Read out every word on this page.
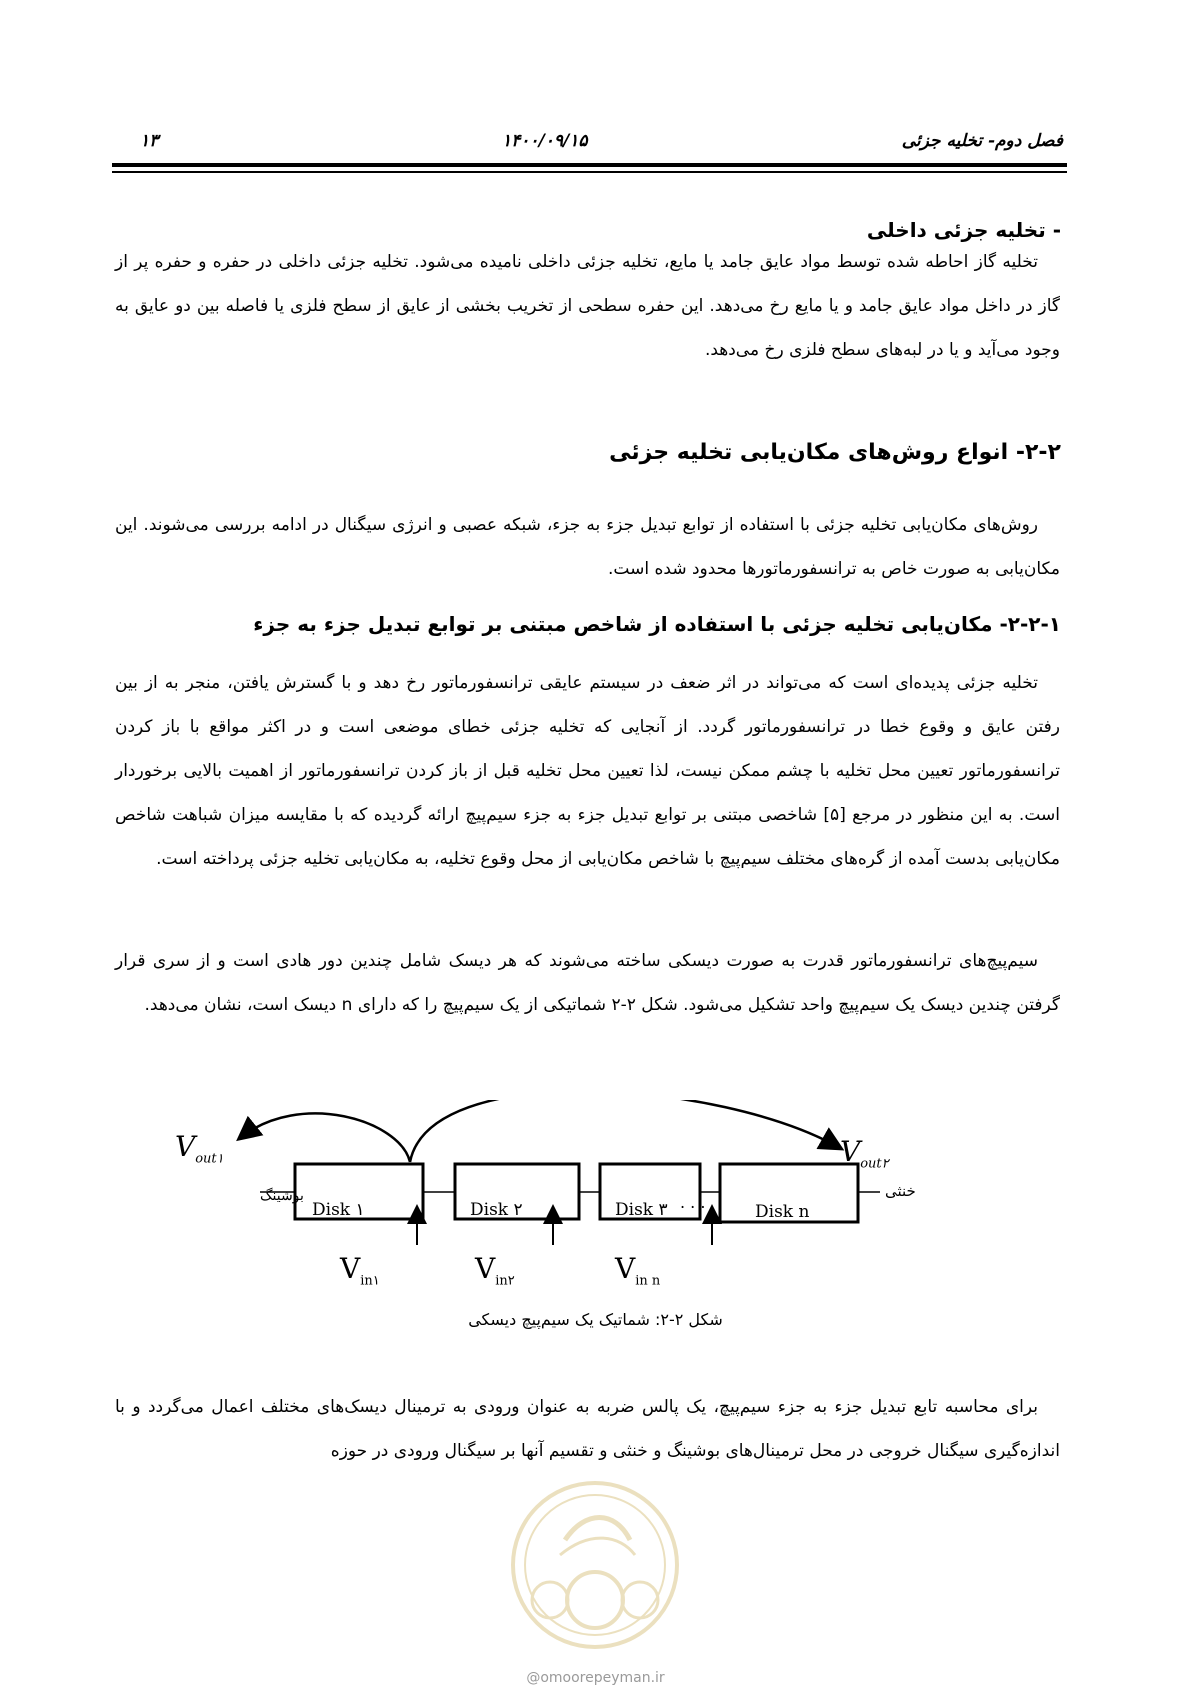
فصل دوم- تخلیه جزئی
۱۴۰۰/۰۹/۱۵
۱۳
- تخلیه جزئی داخلی

تخلیه گاز احاطه شده توسط مواد عایق جامد یا مایع، تخلیه جزئی داخلی نامیده می‌شود. تخلیه جزئی داخلی در حفره و حفره پر از گاز در داخل مواد عایق جامد و یا مایع رخ می‌دهد. این حفره سطحی از تخریب بخشی از عایق از سطح فلزی یا فاصله بین دو عایق به وجود می‌آید و یا در لبه‌های سطح فلزی رخ می‌دهد.

۲-۲- انواع روش‌های مکان‌یابی تخلیه جزئی

روش‌های مکان‌یابی تخلیه جزئی با استفاده از توابع تبدیل جزء به جزء، شبکه عصبی و انرژی سیگنال در ادامه بررسی می‌شوند. این مکان‌یابی به صورت خاص به ترانسفورماتورها محدود شده است.

۲-۲-۱- مکان‌یابی تخلیه جزئی با استفاده از شاخص مبتنی بر توابع تبدیل جزء به جزء

تخلیه جزئی پدیده‌ای است که می‌تواند در اثر ضعف در سیستم عایقی ترانسفورماتور رخ دهد و با گسترش یافتن، منجر به از بین رفتن عایق و وقوع خطا در ترانسفورماتور گردد. از آنجایی که تخلیه جزئی خطای موضعی است و در اکثر مواقع با باز کردن ترانسفورماتور تعیین محل تخلیه با چشم ممکن نیست، لذا تعیین محل تخلیه قبل از باز کردن ترانسفورماتور از اهمیت بالایی برخوردار است. به این منظور در مرجع [۵] شاخصی مبتنی بر توابع تبدیل جزء به جزء سیم‌پیچ ارائه گردیده که با مقایسه میزان شباهت شاخص مکان‌یابی بدست آمده از گره‌های مختلف سیم‌پیچ با شاخص مکان‌یابی از محل وقوع تخلیه، به مکان‌یابی تخلیه جزئی پرداخته است.

سیم‌پیچ‌های ترانسفورماتور قدرت به صورت دیسکی ساخته می‌شوند که هر دیسک شامل چندین دور هادی است و از سری قرار گرفتن چندین دیسک یک سیم‌پیچ واحد تشکیل می‌شود. شکل ۲-۲ شماتیکی از یک سیم‌پیچ را که دارای n دیسک است، نشان می‌دهد.

Disk ۱	Disk ۲	Disk ۳	Disk n
. . .
بوشینگ	خنثی
$V_{out۱}$	$V_{out۲}$
$V_{in۱}$	$V_{in۲}$	$V_{in n}$
شکل ۲-۲: شماتیک یک سیم‌پیچ دیسکی

برای محاسبه تابع تبدیل جزء به جزء سیم‌پیچ، یک پالس ضربه به عنوان ورودی به ترمینال دیسک‌های مختلف اعمال می‌گردد و با اندازه‌گیری سیگنال خروجی در محل ترمینال‌های بوشینگ و خنثی و تقسیم آنها بر سیگنال ورودی در حوزه

@omoorepeyman.ir
